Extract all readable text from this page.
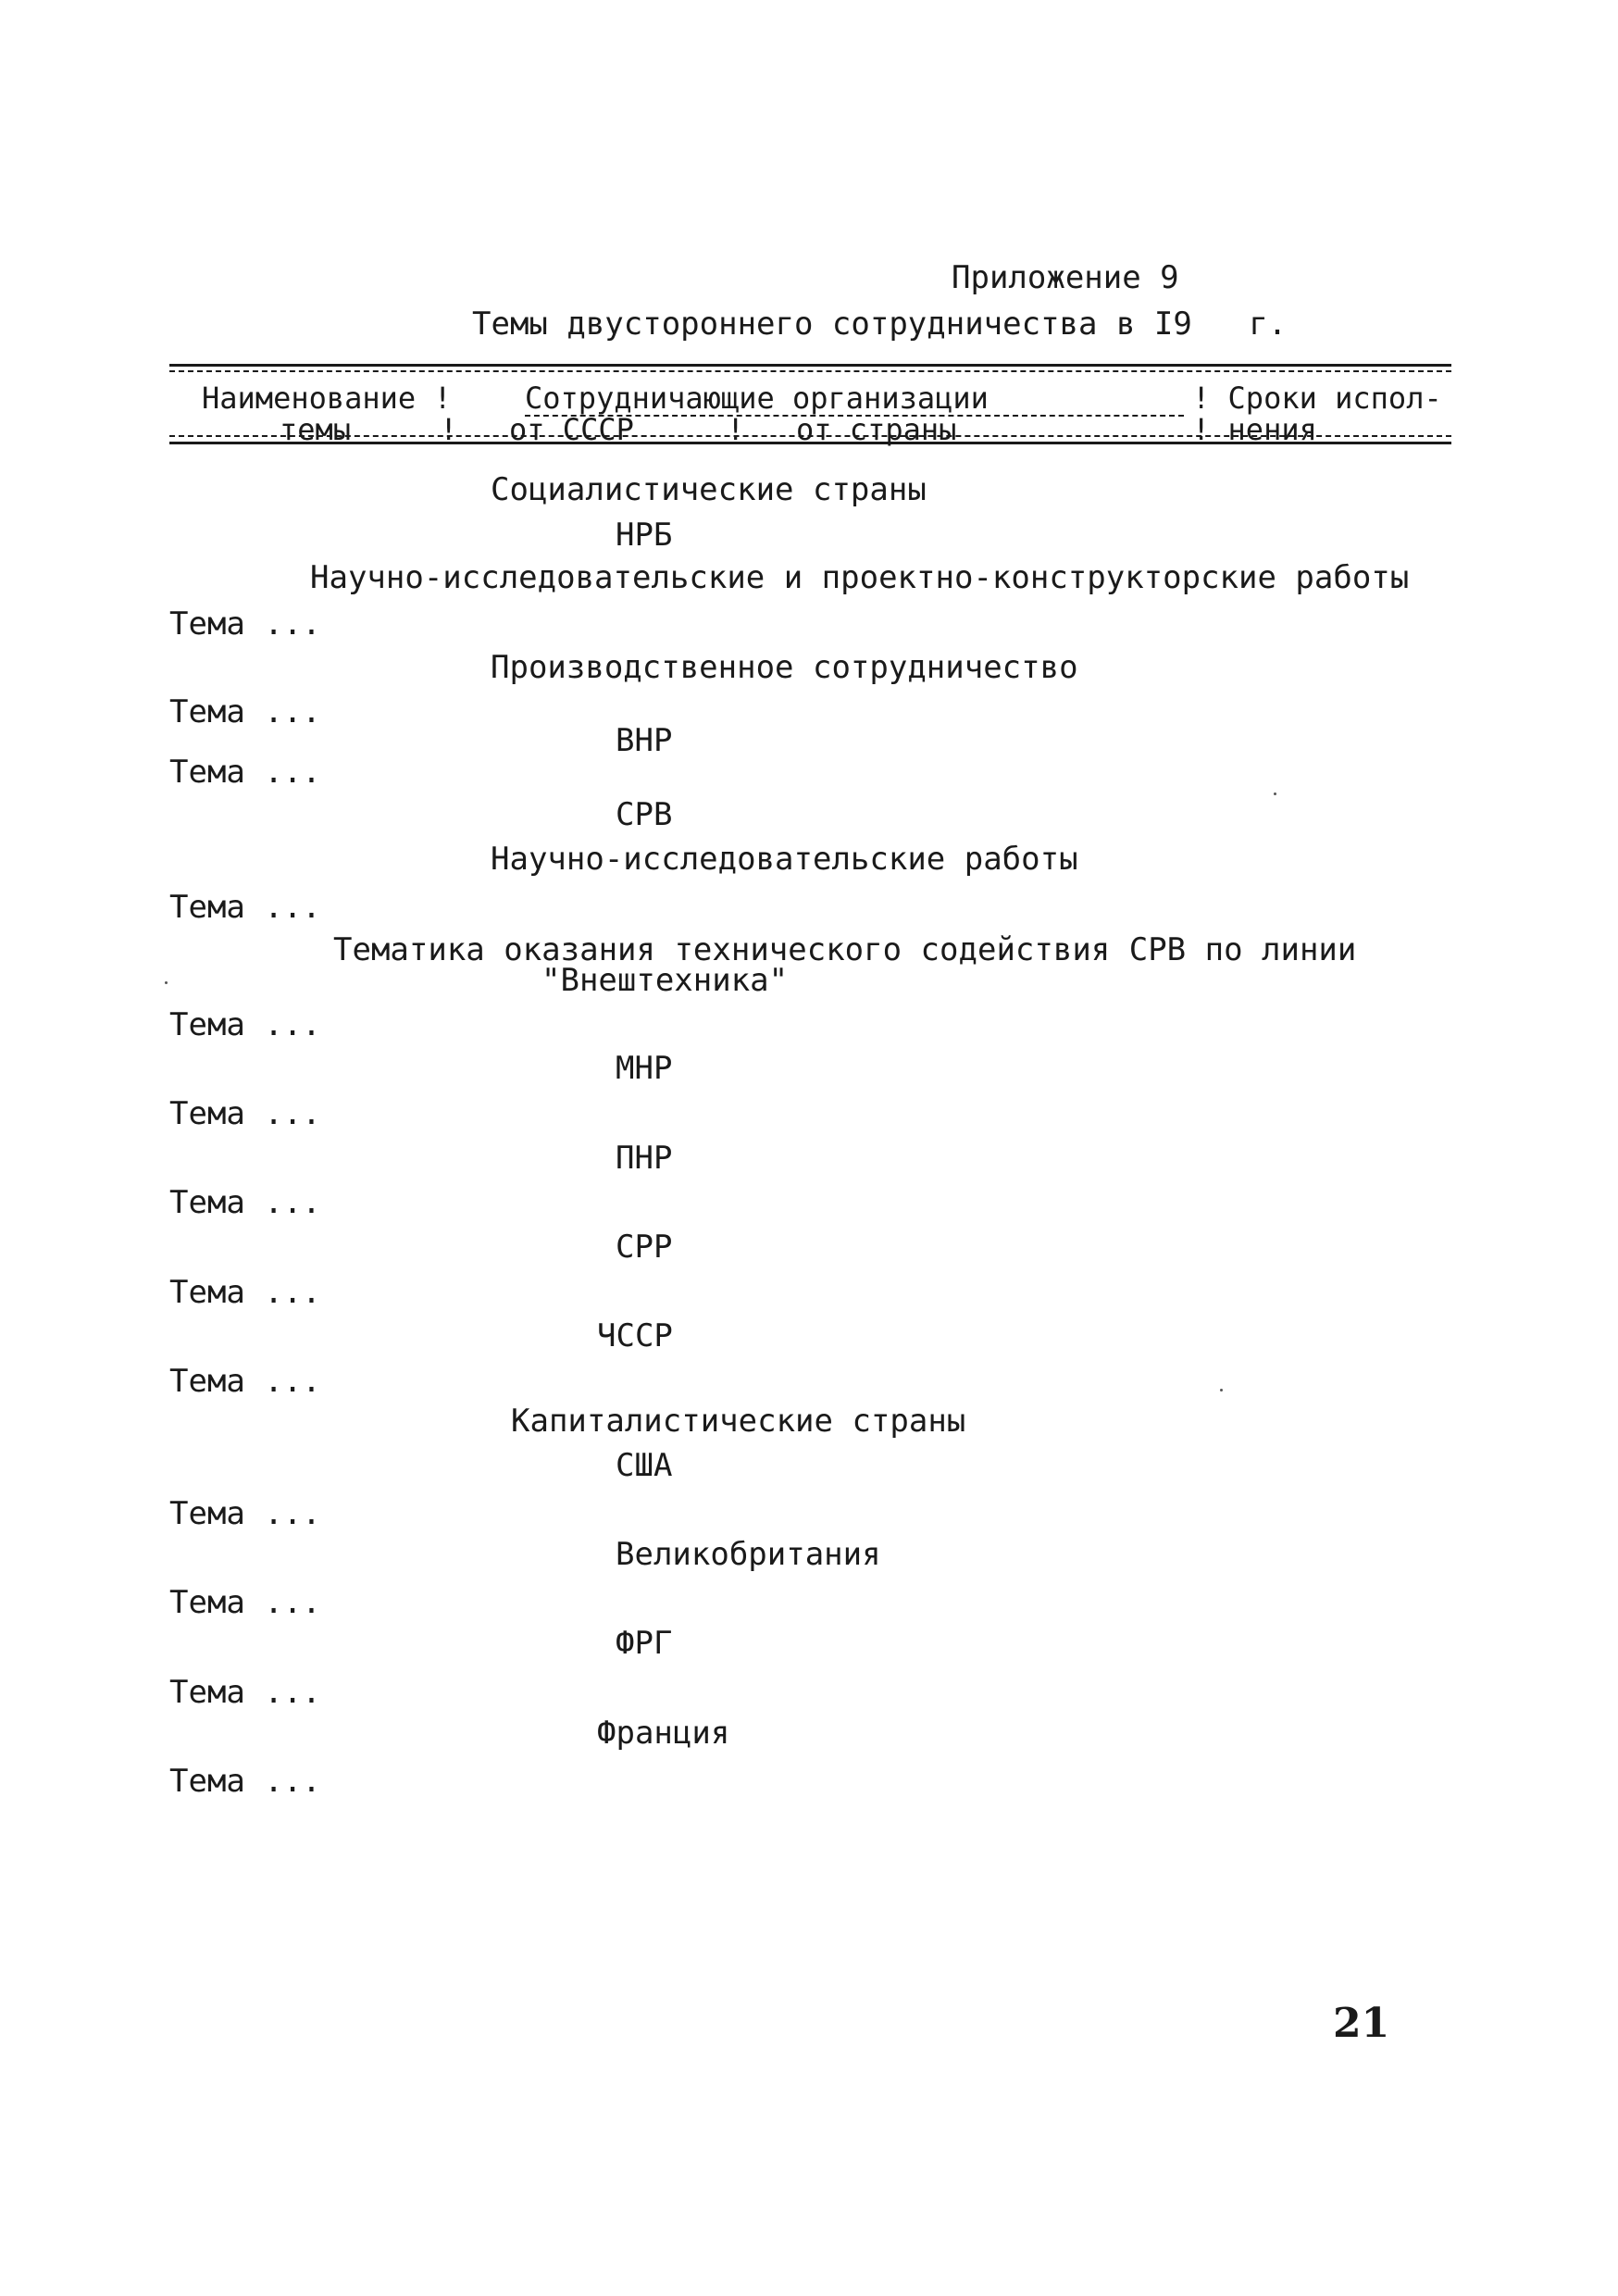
Приложение 9
Темы двустороннего сотрудничества в I9   г.
Наименование ! Сотрудничающие организации	! Сроки испол-
темы	! от СССР	! от страны	! нения
Социалистические страны
НРБ
Научно-исследовательские и проектно-конструкторские работы
Тема ...
Производственное сотрудничество
Тема ...
ВНР
Тема ...
СРВ
Научно-исследовательские работы
Тема ...
Тематика оказания технического содействия СРВ по линии
"Внештехника"
Тема ...
МНР
Тема ...
ПНР
Тема ...
СРР
Тема ...
ЧССР
Тема ...
Капиталистические страны
США
Тема ...
Великобритания
Тема ...
ФРГ
Тема ...
Франция
Тема ...
21
